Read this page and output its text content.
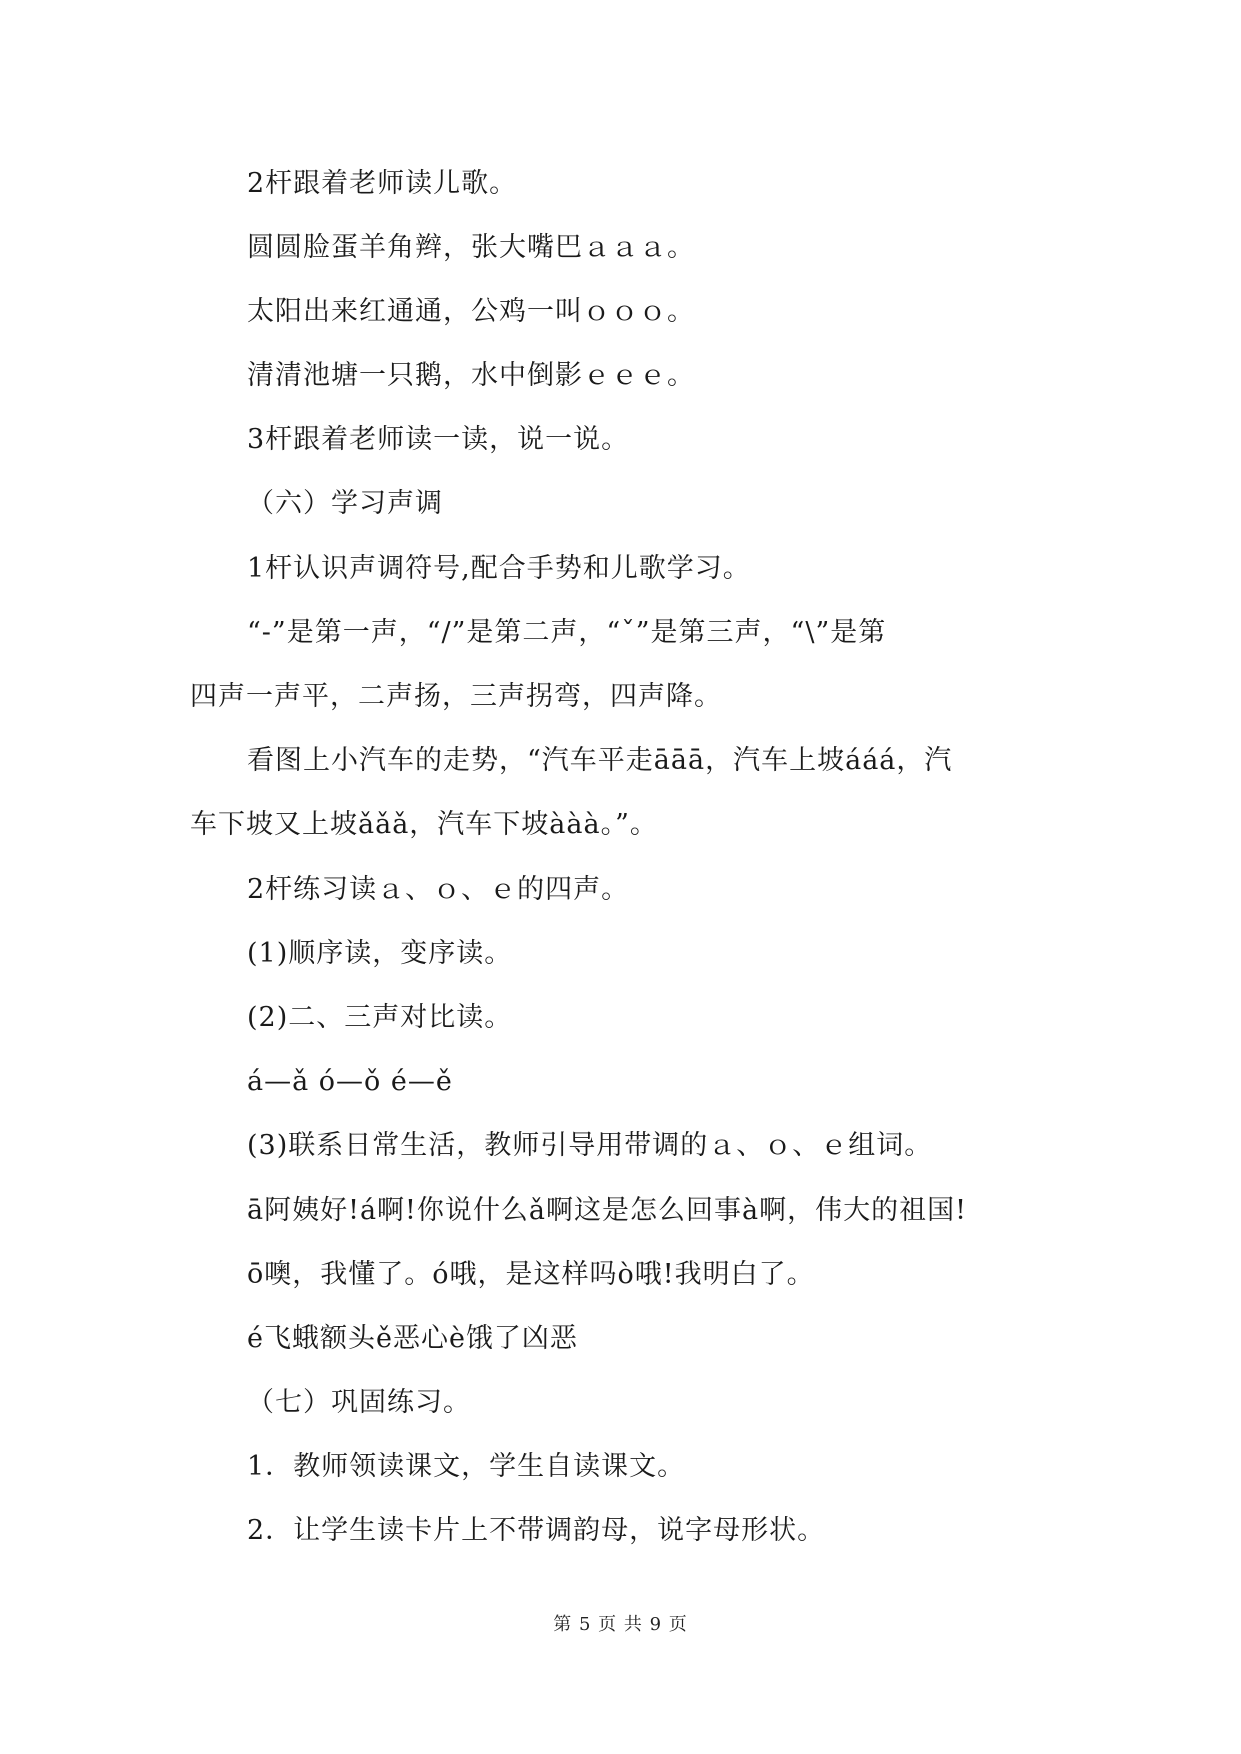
2杆跟着老师读儿歌。
圆圆脸蛋羊角辫，张大嘴巴ａａａ。
太阳出来红通通，公鸡一叫ｏｏｏ。
清清池塘一只鹅，水中倒影ｅｅｅ。
3杆跟着老师读一读，说一说。
（六）学习声调
1杆认识声调符号,配合手势和儿歌学习。
“-”是第一声，“/”是第二声，“ˇ”是第三声，“\”是第
四声一声平，二声扬，三声拐弯，四声降。
看图上小汽车的走势，“汽车平走āāā，汽车上坡ááá，汽
车下坡又上坡ǎǎǎ，汽车下坡ààà。”。
2杆练习读ａ、ｏ、ｅ的四声。
(1)顺序读，变序读。
(2)二、三声对比读。
á—ǎ ó—ǒ é—ě
(3)联系日常生活，教师引导用带调的ａ、ｏ、ｅ组词。
ā阿姨好!á啊!你说什么ǎ啊这是怎么回事à啊，伟大的祖国!
ō噢，我懂了。ó哦，是这样吗ò哦!我明白了。
é飞蛾额头ě恶心è饿了凶恶
（七）巩固练习。
1．教师领读课文，学生自读课文。
2．让学生读卡片上不带调韵母，说字母形状。
第 5 页 共 9 页
